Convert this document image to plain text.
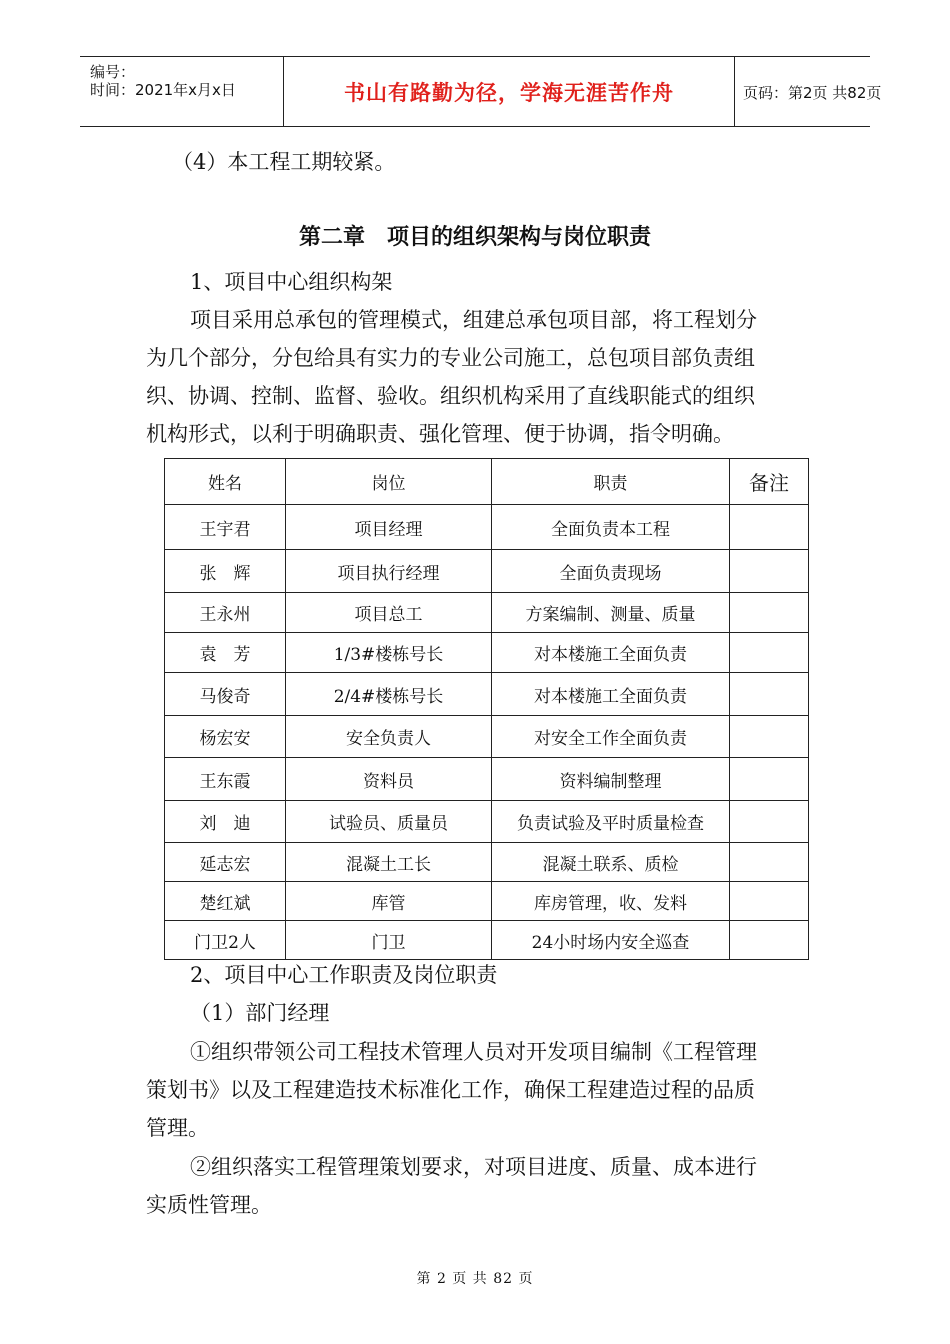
编号：
时间：2021年x月x日	书山有路勤为径，学海无涯苦作舟	页码：第2页 共82页
（4）本工程工期较紧。
第二章　项目的组织架构与岗位职责
1、项目中心组织构架
项目采用总承包的管理模式，组建总承包项目部，将工程划分
为几个部分，分包给具有实力的专业公司施工，总包项目部负责组
织、协调、控制、监督、验收。组织机构采用了直线职能式的组织
机构形式，以利于明确职责、强化管理、便于协调，指令明确。
姓名	岗位	职责	备注
王宇君	项目经理	全面负责本工程	
张　辉	项目执行经理	全面负责现场	
王永州	项目总工	方案编制、测量、质量	
袁　芳	1/3#楼栋号长	对本楼施工全面负责	
马俊奇	2/4#楼栋号长	对本楼施工全面负责	
杨宏安	安全负责人	对安全工作全面负责	
王东霞	资料员	资料编制整理	
刘　迪	试验员、质量员	负责试验及平时质量检查	
延志宏	混凝土工长	混凝土联系、质检	
楚红斌	库管	库房管理，收、发料	
门卫2人	门卫	24小时场内安全巡查	
2、项目中心工作职责及岗位职责
（1）部门经理
①组织带领公司工程技术管理人员对开发项目编制《工程管理
策划书》以及工程建造技术标准化工作，确保工程建造过程的品质
管理。
②组织落实工程管理策划要求，对项目进度、质量、成本进行
实质性管理。
第 2 页 共 82 页
